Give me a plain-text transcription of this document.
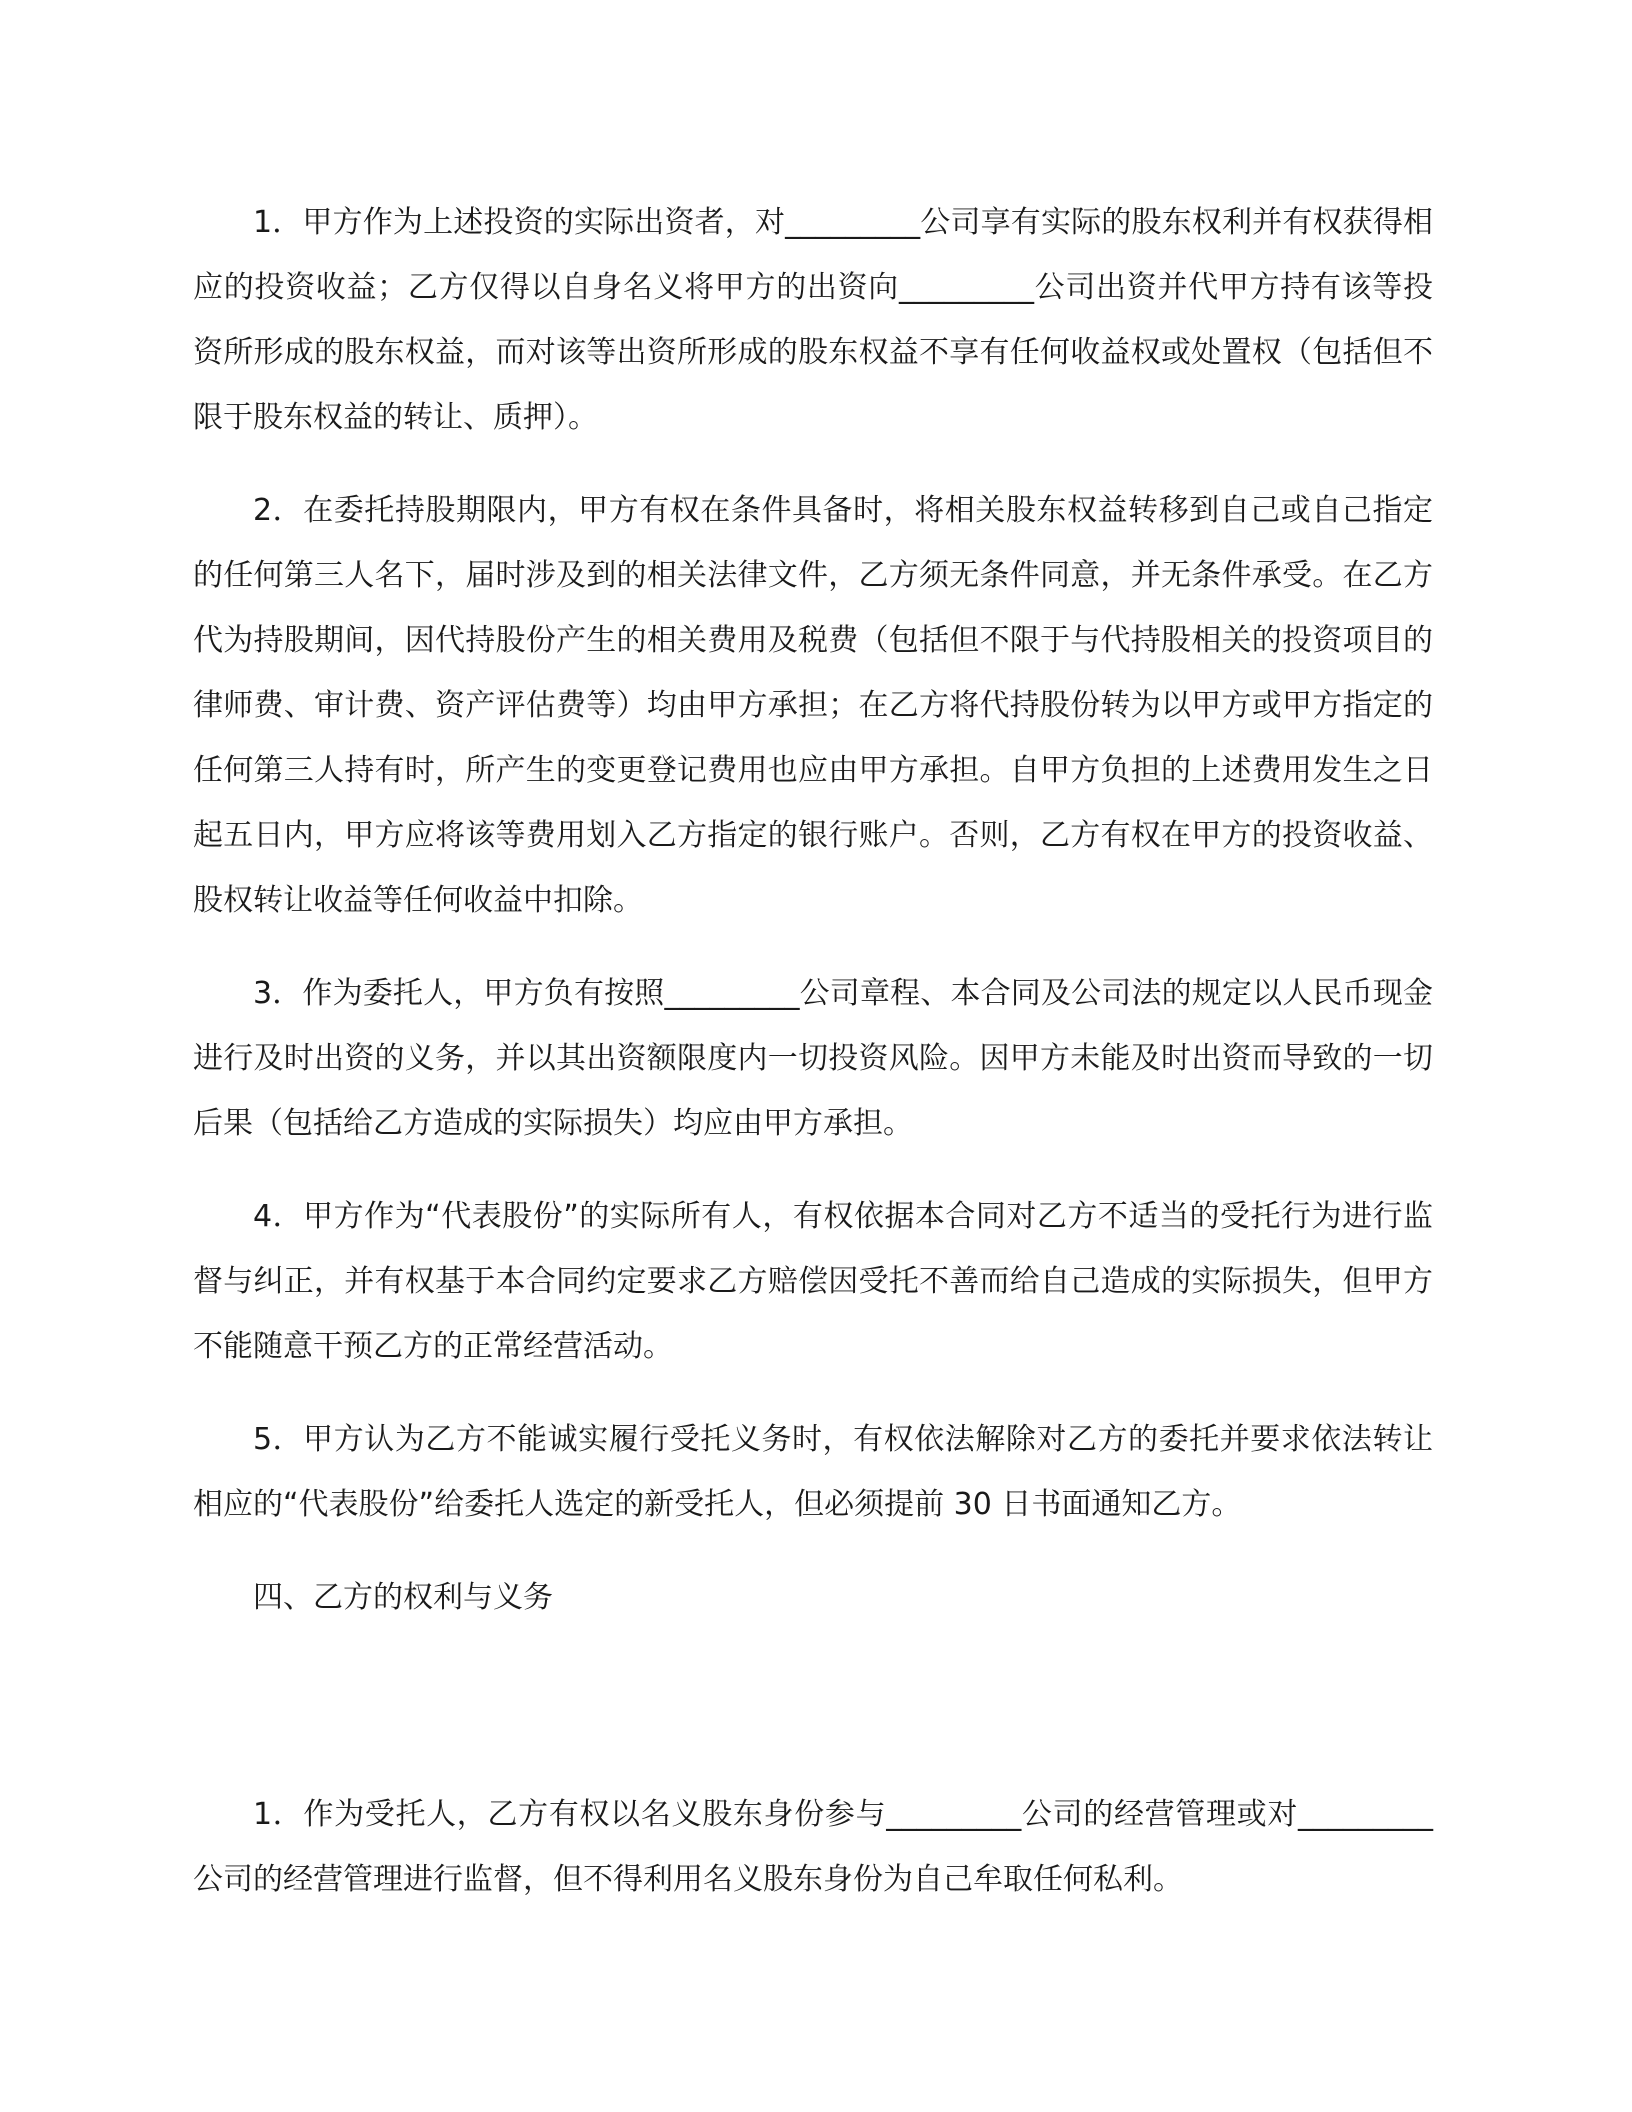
1．甲方作为上述投资的实际出资者，对_________公司享有实际的股东权利并有权获得相应的投资收益；乙方仅得以自身名义将甲方的出资向_________公司出资并代甲方持有该等投资所形成的股东权益，而对该等出资所形成的股东权益不享有任何收益权或处置权（包括但不限于股东权益的转让、质押）。

2．在委托持股期限内，甲方有权在条件具备时，将相关股东权益转移到自己或自己指定的任何第三人名下，届时涉及到的相关法律文件，乙方须无条件同意，并无条件承受。在乙方代为持股期间，因代持股份产生的相关费用及税费（包括但不限于与代持股相关的投资项目的律师费、审计费、资产评估费等）均由甲方承担；在乙方将代持股份转为以甲方或甲方指定的任何第三人持有时，所产生的变更登记费用也应由甲方承担。自甲方负担的上述费用发生之日起五日内，甲方应将该等费用划入乙方指定的银行账户。否则，乙方有权在甲方的投资收益、股权转让收益等任何收益中扣除。

3．作为委托人，甲方负有按照_________公司章程、本合同及公司法的规定以人民币现金进行及时出资的义务，并以其出资额限度内一切投资风险。因甲方未能及时出资而导致的一切后果（包括给乙方造成的实际损失）均应由甲方承担。

4．甲方作为“代表股份”的实际所有人，有权依据本合同对乙方不适当的受托行为进行监督与纠正，并有权基于本合同约定要求乙方赔偿因受托不善而给自己造成的实际损失，但甲方不能随意干预乙方的正常经营活动。

5．甲方认为乙方不能诚实履行受托义务时，有权依法解除对乙方的委托并要求依法转让相应的“代表股份”给委托人选定的新受托人，但必须提前 30 日书面通知乙方。

四、乙方的权利与义务

1．作为受托人，乙方有权以名义股东身份参与_________公司的经营管理或对_________公司的经营管理进行监督，但不得利用名义股东身份为自己牟取任何私利。
